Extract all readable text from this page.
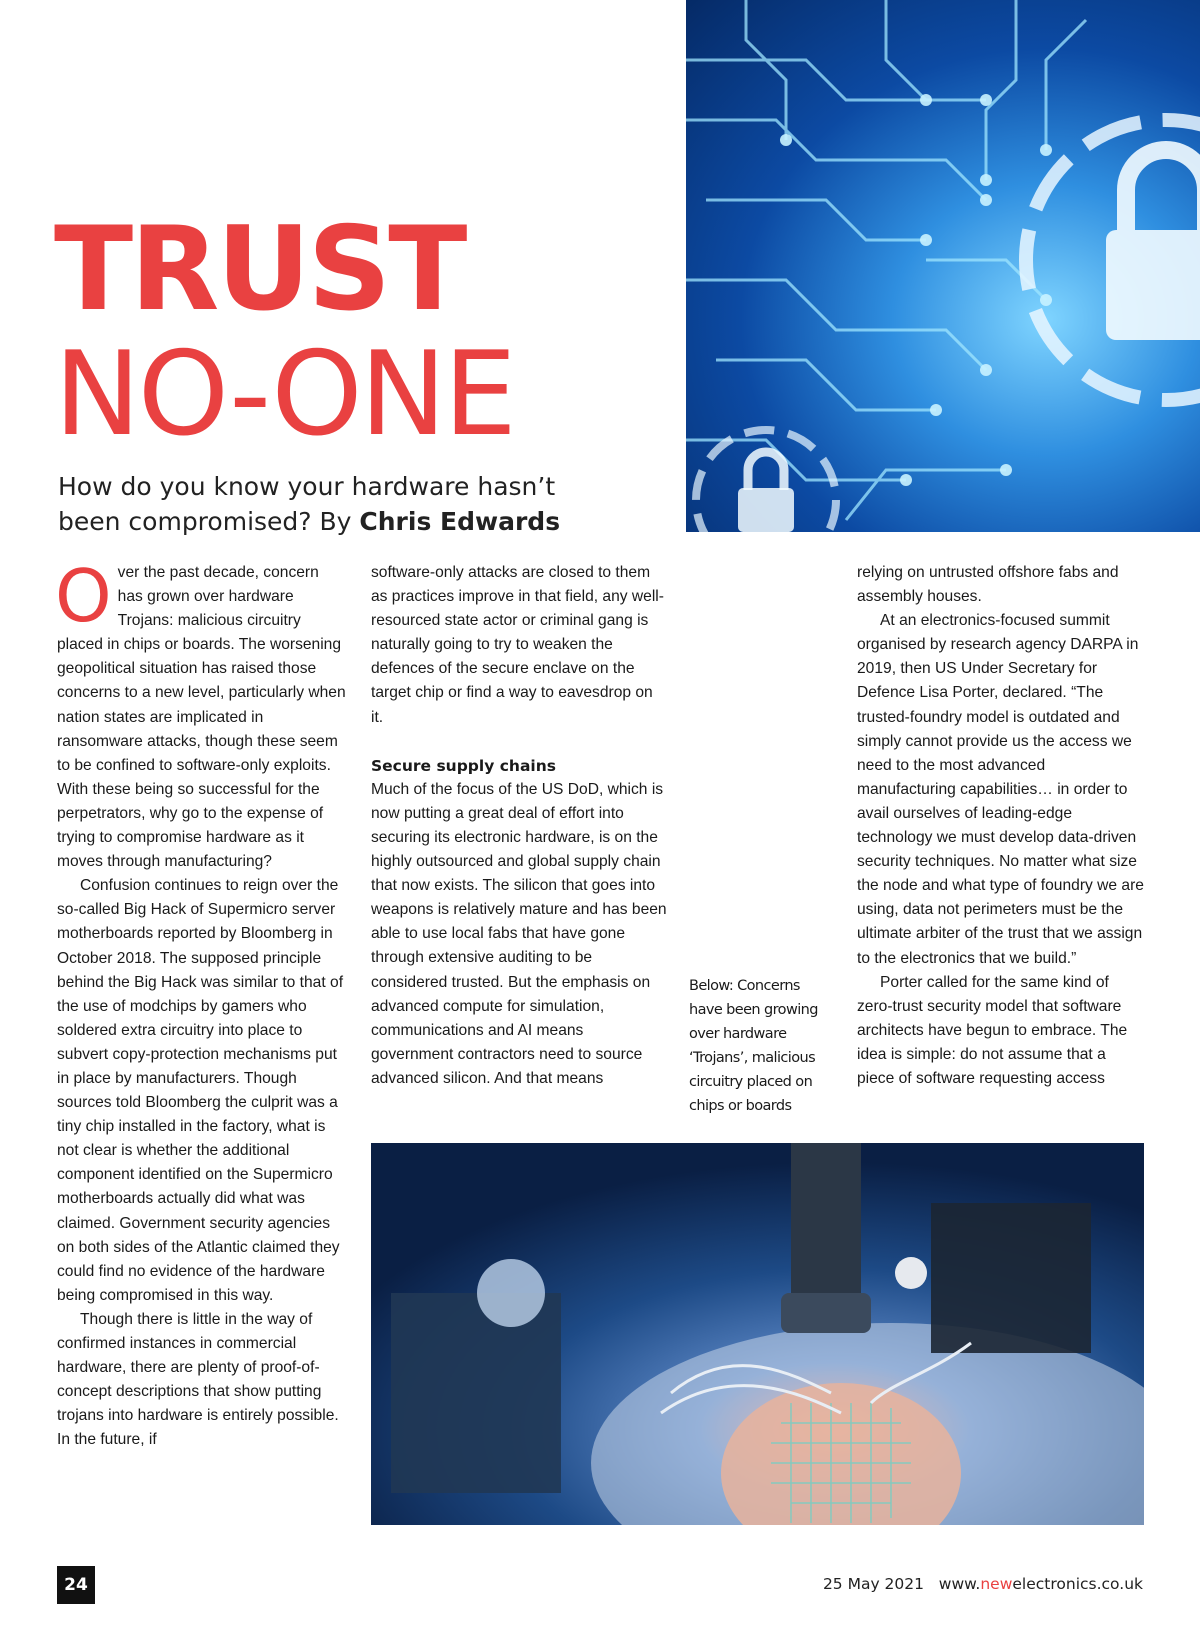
TRUST
NO-ONE

How do you know your hardware hasn’t been compromised? By Chris Edwards

Over the past decade, concern has grown over hardware Trojans: malicious circuitry placed in chips or boards. The worsening geopolitical situation has raised those concerns to a new level, particularly when nation states are implicated in ransomware attacks, though these seem to be confined to software-only exploits. With these being so successful for the perpetrators, why go to the expense of trying to compromise hardware as it moves through manufacturing?

Confusion continues to reign over the so-called Big Hack of Supermicro server motherboards reported by Bloomberg in October 2018. The supposed principle behind the Big Hack was similar to that of the use of modchips by gamers who soldered extra circuitry into place to subvert copy-protection mechanisms put in place by manufacturers. Though sources told Bloomberg the culprit was a tiny chip installed in the factory, what is not clear is whether the additional component identified on the Supermicro motherboards actually did what was claimed. Government security agencies on both sides of the Atlantic claimed they could find no evidence of the hardware being compromised in this way.

Though there is little in the way of confirmed instances in commercial hardware, there are plenty of proof-of-concept descriptions that show putting trojans into hardware is entirely possible. In the future, if

software-only attacks are closed to them as practices improve in that field, any well-resourced state actor or criminal gang is naturally going to try to weaken the defences of the secure enclave on the target chip or find a way to eavesdrop on it.

Secure supply chains

Much of the focus of the US DoD, which is now putting a great deal of effort into securing its electronic hardware, is on the highly outsourced and global supply chain that now exists. The silicon that goes into weapons is relatively mature and has been able to use local fabs that have gone through extensive auditing to be considered trusted. But the emphasis on advanced compute for simulation, communications and AI means government contractors need to source advanced silicon. And that means

Below: Concerns have been growing over hardware ‘Trojans’, malicious circuitry placed on chips or boards

relying on untrusted offshore fabs and assembly houses.

At an electronics-focused summit organised by research agency DARPA in 2019, then US Under Secretary for Defence Lisa Porter, declared. “The trusted-foundry model is outdated and simply cannot provide us the access we need to the most advanced manufacturing capabilities… in order to avail ourselves of leading-edge technology we must develop data-driven security techniques. No matter what size the node and what type of foundry we are using, data not perimeters must be the ultimate arbiter of the trust that we assign to the electronics that we build.”

Porter called for the same kind of zero-trust security model that software architects have begun to embrace. The idea is simple: do not assume that a piece of software requesting access

24	25 May 2021 www.newelectronics.co.uk
